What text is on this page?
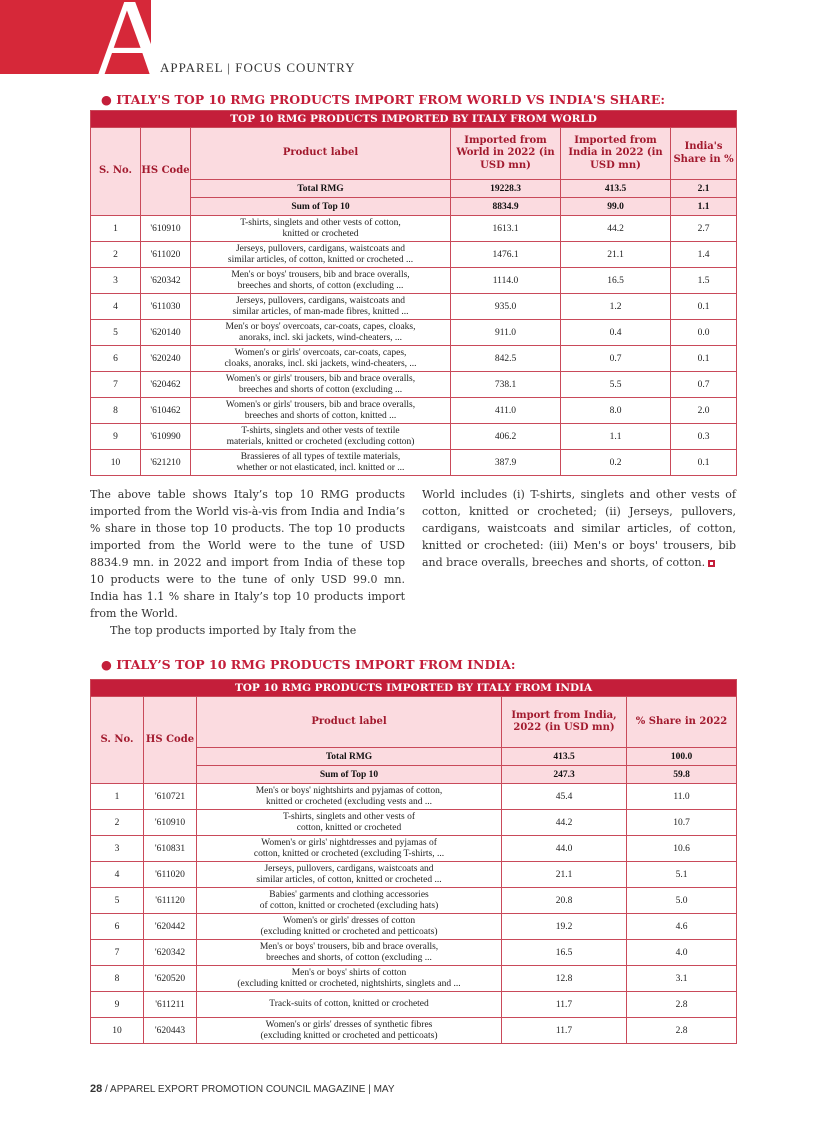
A
APPAREL | FOCUS COUNTRY
● ITALY'S TOP 10 RMG PRODUCTS IMPORT FROM WORLD VS INDIA'S SHARE:
TOP 10 RMG PRODUCTS IMPORTED BY ITALY FROM WORLD					
S. No.	HS Code	Product label	Imported from World in 2022 (in USD mn)	Imported from India in 2022 (in USD mn)	India's Share in %
		Total RMG	19228.3	413.5	2.1
		Sum of Top 10	8834.9	99.0	1.1
1	'610910	T-shirts, singlets and other vests of cotton,
knitted or crocheted	1613.1	44.2	2.7
2	'611020	Jerseys, pullovers, cardigans, waistcoats and
similar articles, of cotton, knitted or crocheted ...	1476.1	21.1	1.4
3	'620342	Men's or boys' trousers, bib and brace overalls,
breeches and shorts, of cotton (excluding ...	1114.0	16.5	1.5
4	'611030	Jerseys, pullovers, cardigans, waistcoats and
similar articles, of man-made fibres, knitted ...	935.0	1.2	0.1
5	'620140	Men's or boys' overcoats, car-coats, capes, cloaks,
anoraks, incl. ski jackets, wind-cheaters, ...	911.0	0.4	0.0
6	'620240	Women's or girls' overcoats, car-coats, capes,
cloaks, anoraks, incl. ski jackets, wind-cheaters, ...	842.5	0.7	0.1
7	'620462	Women's or girls' trousers, bib and brace overalls,
breeches and shorts of cotton (excluding ...	738.1	5.5	0.7
8	'610462	Women's or girls' trousers, bib and brace overalls,
breeches and shorts of cotton, knitted ...	411.0	8.0	2.0
9	'610990	T-shirts, singlets and other vests of textile
materials, knitted or crocheted (excluding cotton)	406.2	1.1	0.3
10	'621210	Brassieres of all types of textile materials,
whether or not elasticated, incl. knitted or ...	387.9	0.2	0.1

The above table shows Italy’s top 10 RMG products imported from the World vis-à-vis from India and India’s % share in those top 10 products. The top 10 products imported from the World were to the tune of USD 8834.9 mn. in 2022 and import from India of these top 10 products were to the tune of only USD 99.0 mn. India has 1.1 % share in Italy’s top 10 products import from the World.

The top products imported by Italy from the

World includes (i) T-shirts, singlets and other vests of cotton, knitted or crocheted; (ii) Jerseys, pullovers, cardigans, waistcoats and similar articles, of cotton, knitted or crocheted: (iii) Men's or boys' trousers, bib and brace overalls, breeches and shorts, of cotton.

● ITALY’S TOP 10 RMG PRODUCTS IMPORT FROM INDIA:
TOP 10 RMG PRODUCTS IMPORTED BY ITALY FROM INDIA				
S. No.	HS Code	Product label	Import from India, 2022 (in USD mn)	% Share in 2022
		Total RMG	413.5	100.0
		Sum of Top 10	247.3	59.8
1	'610721	Men's or boys' nightshirts and pyjamas of cotton,
knitted or crocheted (excluding vests and ...	45.4	11.0
2	'610910	T-shirts, singlets and other vests of
cotton, knitted or crocheted	44.2	10.7
3	'610831	Women's or girls' nightdresses and pyjamas of
cotton, knitted or crocheted (excluding T-shirts, ...	44.0	10.6
4	'611020	Jerseys, pullovers, cardigans, waistcoats and
similar articles, of cotton, knitted or crocheted ...	21.1	5.1
5	'611120	Babies' garments and clothing accessories
of cotton, knitted or crocheted (excluding hats)	20.8	5.0
6	'620442	Women's or girls' dresses of cotton
(excluding knitted or crocheted and petticoats)	19.2	4.6
7	'620342	Men's or boys' trousers, bib and brace overalls,
breeches and shorts, of cotton (excluding ...	16.5	4.0
8	'620520	Men's or boys' shirts of cotton
(excluding knitted or crocheted, nightshirts, singlets and ...	12.8	3.1
9	'611211	Track-suits of cotton, knitted or crocheted	11.7	2.8
10	'620443	Women's or girls' dresses of synthetic fibres
(excluding knitted or crocheted and petticoats)	11.7	2.8
28 / APPAREL EXPORT PROMOTION COUNCIL MAGAZINE | MAY
